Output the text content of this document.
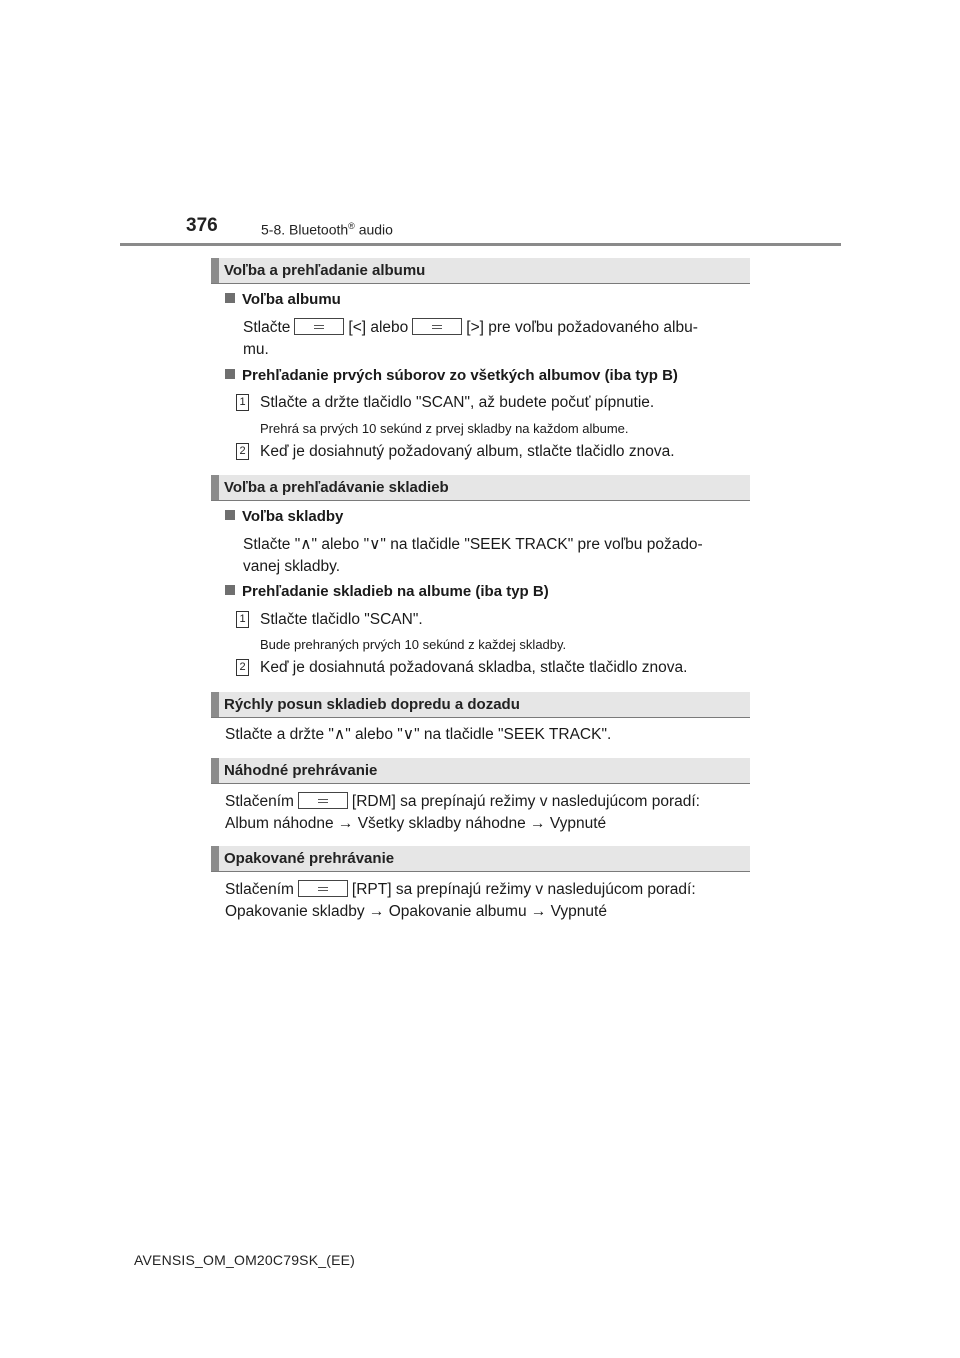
376	5-8. Bluetooth® audio
Voľba a prehľadanie albumu
Voľba albumu
Stlačte	[<] alebo	[>] pre voľbu požadovaného albu-
mu.
Prehľadanie prvých súborov zo všetkých albumov (iba typ B)
1 Stlačte a držte tlačidlo "SCAN", až budete počuť pípnutie.
Prehrá sa prvých 10 sekúnd z prvej skladby na každom albume.
2 Keď je dosiahnutý požadovaný album, stlačte tlačidlo znova.
Voľba a prehľadávanie skladieb
Voľba skladby
Stlačte "∧" alebo "∨" na tlačidle "SEEK TRACK" pre voľbu požado-
vanej skladby.
Prehľadanie skladieb na albume (iba typ B)
1 Stlačte tlačidlo "SCAN".
Bude prehraných prvých 10 sekúnd z každej skladby.
2 Keď je dosiahnutá požadovaná skladba, stlačte tlačidlo znova.
Rýchly posun skladieb dopredu a dozadu
Stlačte a držte "∧" alebo "∨" na tlačidle "SEEK TRACK".
Náhodné prehrávanie
Stlačením	[RDM] sa prepínajú režimy v nasledujúcom poradí:
Album náhodne → Všetky skladby náhodne → Vypnuté
Opakované prehrávanie
Stlačením	[RPT] sa prepínajú režimy v nasledujúcom poradí:
Opakovanie skladby → Opakovanie albumu → Vypnuté
AVENSIS_OM_OM20C79SK_(EE)
